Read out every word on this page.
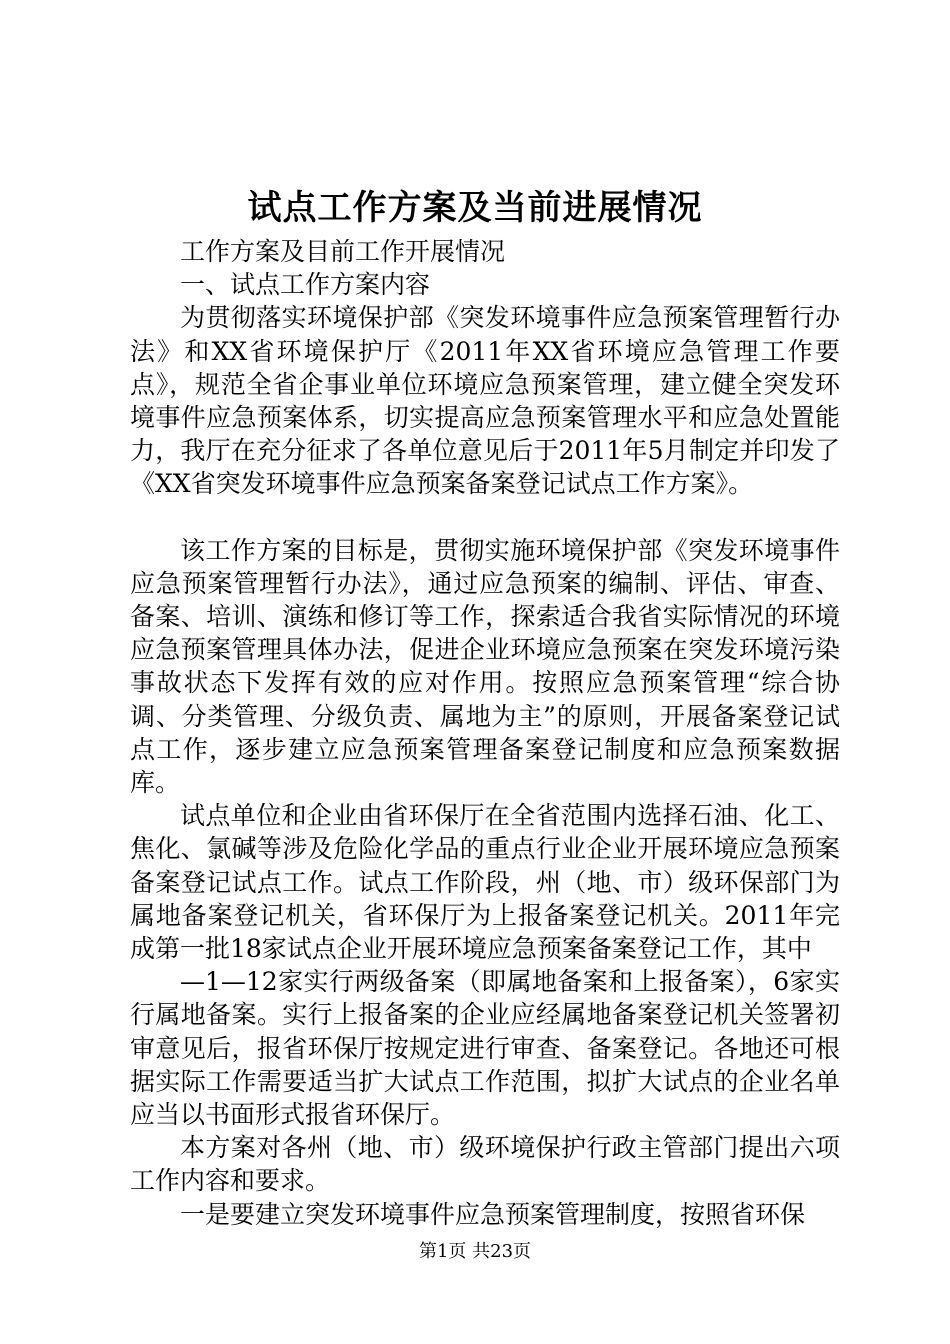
试点工作方案及当前进展情况

工作方案及目前工作开展情况

一、试点工作方案内容

为贯彻落实环境保护部《突发环境事件应急预案管理暂行办法》和XX省环境保护厅《2011年XX省环境应急管理工作要点》，规范全省企事业单位环境应急预案管理，建立健全突发环境事件应急预案体系，切实提高应急预案管理水平和应急处置能力，我厅在充分征求了各单位意见后于2011年5月制定并印发了《XX省突发环境事件应急预案备案登记试点工作方案》。

该工作方案的目标是，贯彻实施环境保护部《突发环境事件应急预案管理暂行办法》，通过应急预案的编制、评估、审查、备案、培训、演练和修订等工作，探索适合我省实际情况的环境应急预案管理具体办法，促进企业环境应急预案在突发环境污染事故状态下发挥有效的应对作用。按照应急预案管理“综合协调、分类管理、分级负责、属地为主”的原则，开展备案登记试点工作，逐步建立应急预案管理备案登记制度和应急预案数据库。

试点单位和企业由省环保厅在全省范围内选择石油、化工、焦化、氯碱等涉及危险化学品的重点行业企业开展环境应急预案备案登记试点工作。试点工作阶段，州（地、市）级环保部门为属地备案登记机关，省环保厅为上报备案登记机关。2011年完成第一批18家试点企业开展环境应急预案备案登记工作，其中

—1—12家实行两级备案（即属地备案和上报备案），6家实行属地备案。实行上报备案的企业应经属地备案登记机关签署初审意见后，报省环保厅按规定进行审查、备案登记。各地还可根据实际工作需要适当扩大试点工作范围，拟扩大试点的企业名单应当以书面形式报省环保厅。

本方案对各州（地、市）级环境保护行政主管部门提出六项工作内容和要求。

一是要建立突发环境事件应急预案管理制度，按照省环保

第1页 共23页
